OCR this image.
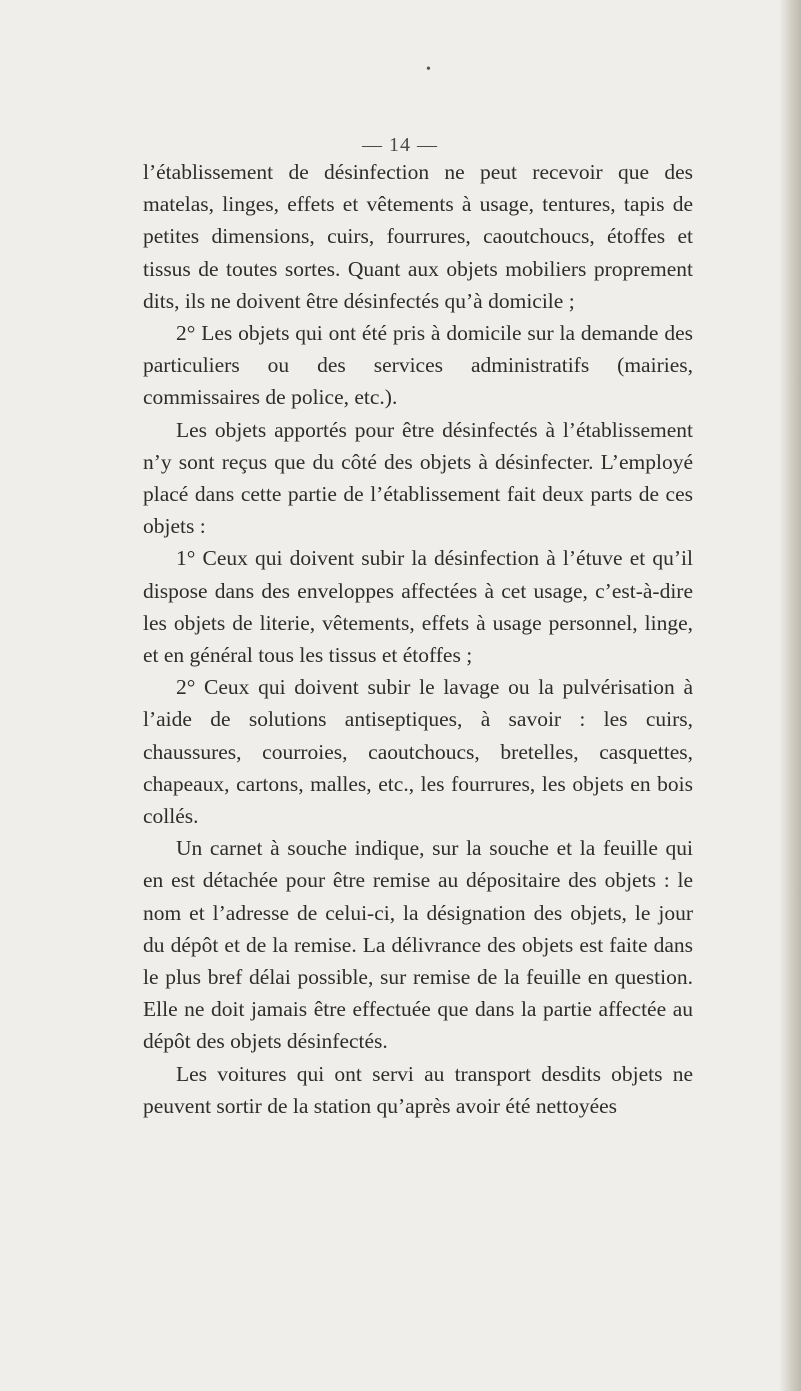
•
— 14 —

l’établissement de désinfection ne peut recevoir que des matelas, linges, effets et vêtements à usage, tentures, tapis de petites dimensions, cuirs, fourrures, caoutchoucs, étoffes et tissus de toutes sortes. Quant aux objets mobiliers proprement dits, ils ne doivent être désinfectés qu’à domicile ;

2° Les objets qui ont été pris à domicile sur la demande des particuliers ou des services administratifs (mairies, commissaires de police, etc.).

Les objets apportés pour être désinfectés à l’établissement n’y sont reçus que du côté des objets à désinfecter. L’employé placé dans cette partie de l’établissement fait deux parts de ces objets :

1° Ceux qui doivent subir la désinfection à l’étuve et qu’il dispose dans des enveloppes affectées à cet usage, c’est-à-dire les objets de literie, vêtements, effets à usage personnel, linge, et en général tous les tissus et étoffes ;

2° Ceux qui doivent subir le lavage ou la pulvérisation à l’aide de solutions antiseptiques, à savoir : les cuirs, chaussures, courroies, caoutchoucs, bretelles, casquettes, chapeaux, cartons, malles, etc., les fourrures, les objets en bois collés.

Un carnet à souche indique, sur la souche et la feuille qui en est détachée pour être remise au dépositaire des objets : le nom et l’adresse de celui-ci, la désignation des objets, le jour du dépôt et de la remise. La délivrance des objets est faite dans le plus bref délai possible, sur remise de la feuille en question. Elle ne doit jamais être effectuée que dans la partie affectée au dépôt des objets désinfectés.

Les voitures qui ont servi au transport desdits objets ne peuvent sortir de la station qu’après avoir été nettoyées
